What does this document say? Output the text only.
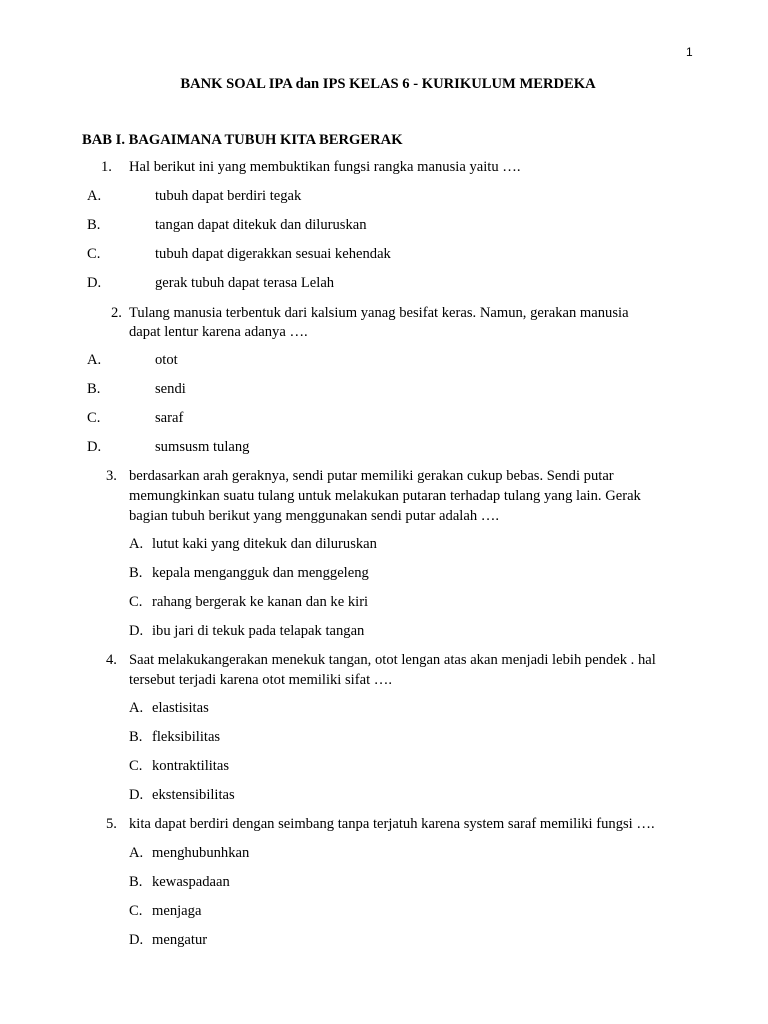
1
BANK SOAL IPA dan IPS KELAS 6 - KURIKULUM MERDEKA
BAB I. BAGAIMANA TUBUH KITA BERGERAK
1. Hal berikut ini yang membuktikan fungsi rangka manusia yaitu ….
A.	tubuh dapat berdiri tegak
B.	tangan dapat ditekuk dan diluruskan
C.	tubuh dapat digerakkan sesuai kehendak
D.	gerak tubuh dapat terasa Lelah
2. Tulang manusia terbentuk dari kalsium yanag besifat keras. Namun, gerakan manusia
dapat lentur karena adanya ….
A.	otot
B.	sendi
C.	saraf
D.	sumsusm tulang
3. berdasarkan arah geraknya, sendi putar memiliki gerakan cukup bebas. Sendi putar
memungkinkan suatu tulang untuk melakukan putaran terhadap tulang yang lain. Gerak
bagian tubuh berikut yang menggunakan sendi putar adalah ….
A. lutut kaki yang ditekuk dan diluruskan
B. kepala mengangguk dan menggeleng
C. rahang bergerak ke kanan dan ke kiri
D. ibu jari di tekuk pada telapak tangan
4. Saat melakukangerakan menekuk tangan, otot lengan atas akan menjadi lebih pendek . hal
tersebut terjadi karena otot memiliki sifat ….
A. elastisitas
B. fleksibilitas
C. kontraktilitas
D. ekstensibilitas
5. kita dapat berdiri dengan seimbang tanpa terjatuh karena system saraf memiliki fungsi ….
A. menghubunhkan
B. kewaspadaan
C. menjaga
D. mengatur
